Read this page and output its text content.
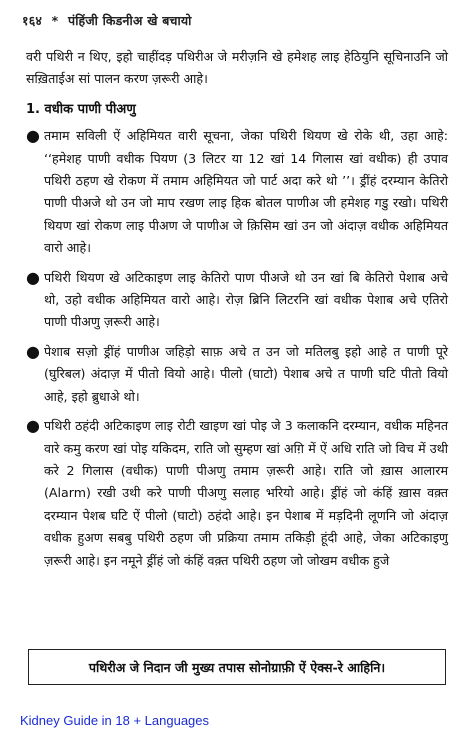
१६४ * पंहिंजी किडनीअ खे बचायो

वरी पथिरी न थिए, इहो चाहींदड़ पथिरीअ जे मरीज़नि खे हमेशह लाइ हेठियुनि सूचिनाउनि जो सख़िताईअ सां पालन करण ज़रूरी आहे।

1. वधीक पाणी पीअणु
● तमाम सविली ऐं अहिमियत वारी सूचना, जेका पथिरी थियण खे रोके थी, उहा आहे: ‘‘हमेशह पाणी वधीक पियण (3 लिटर या 12 खां 14 गिलास खां वधीक) ही उपाव पथिरी ठहण खे रोकण में तमाम अहिमियत जो पार्ट अदा करे थो ’’। ड्रींहं दरम्यान केतिरो पाणी पीअजे थो उन जो माप रखण लाइ हिक बोतल पाणीअ जी हमेशह गडु रखो। पथिरी थियण खां रोकण लाइ पीअण जे पाणीअ जे क़िसिम खां उन जो अंदाज़ वधीक अहिमियत वारो आहे।
● पथिरी थियण खे अटिकाइण लाइ केतिरो पाण पीअजे थो उन खां बि केतिरो पेशाब अचे थो, उहो वधीक अहिमियत वारो आहे। रोज़ ब्रिनि लिटरनि खां वधीक पेशाब अचे एतिरो पाणी पीअणु ज़रूरी आहे।
● पेशाब सज़ो ड्रींहं पाणीअ जहिड़ो साफ़ अचे त उन जो मतिलबु इहो आहे त पाणी पूरे (घुरिबल) अंदाज़ में पीतो वियो आहे। पीलो (घाटो) पेशाब अचे त पाणी घटि पीतो वियो आहे, इहो ब्रुधाअे थो।
● पथिरी ठहंदी अटिकाइण लाइ रोटी खाइण खां पोइ जे 3 कलाकनि दरम्यान, वधीक महिनत वारे कमु करण खां पोइ यकिदम, राति जो सुम्हण खां अग़ि में ऐं अधि राति जो विच में उथी करे 2 गिलास (वधीक) पाणी पीअणु तमाम ज़रूरी आहे। राति जो ख़ास आलारम (Alarm) रखी उथी करे पाणी पीअणु सलाह भरियो आहे। ड्रींहं जो कंहिं ख़ास वक़्त दरम्यान पेशब घटि ऐं पीलो (घाटो) ठहंदो आहे। इन पेशाब में मड़दिनी लूणनि जो अंदाज़ वधीक हुअण सबबु पथिरी ठहण जी प्रक्रिया तमाम तकिड़ी हूंदी आहे, जेका अटिकाइणु ज़रूरी आहे। इन नमूने ड्रींहं जो कंहिं वक़्त पथिरी ठहण जो जोखम वधीक हुजे
पथिरीअ जे निदान जी मुख्य तपास सोनोग्राफ़ी ऐं ऐक्स-रे आहिनि।
Kidney Guide in 18 + Languages
